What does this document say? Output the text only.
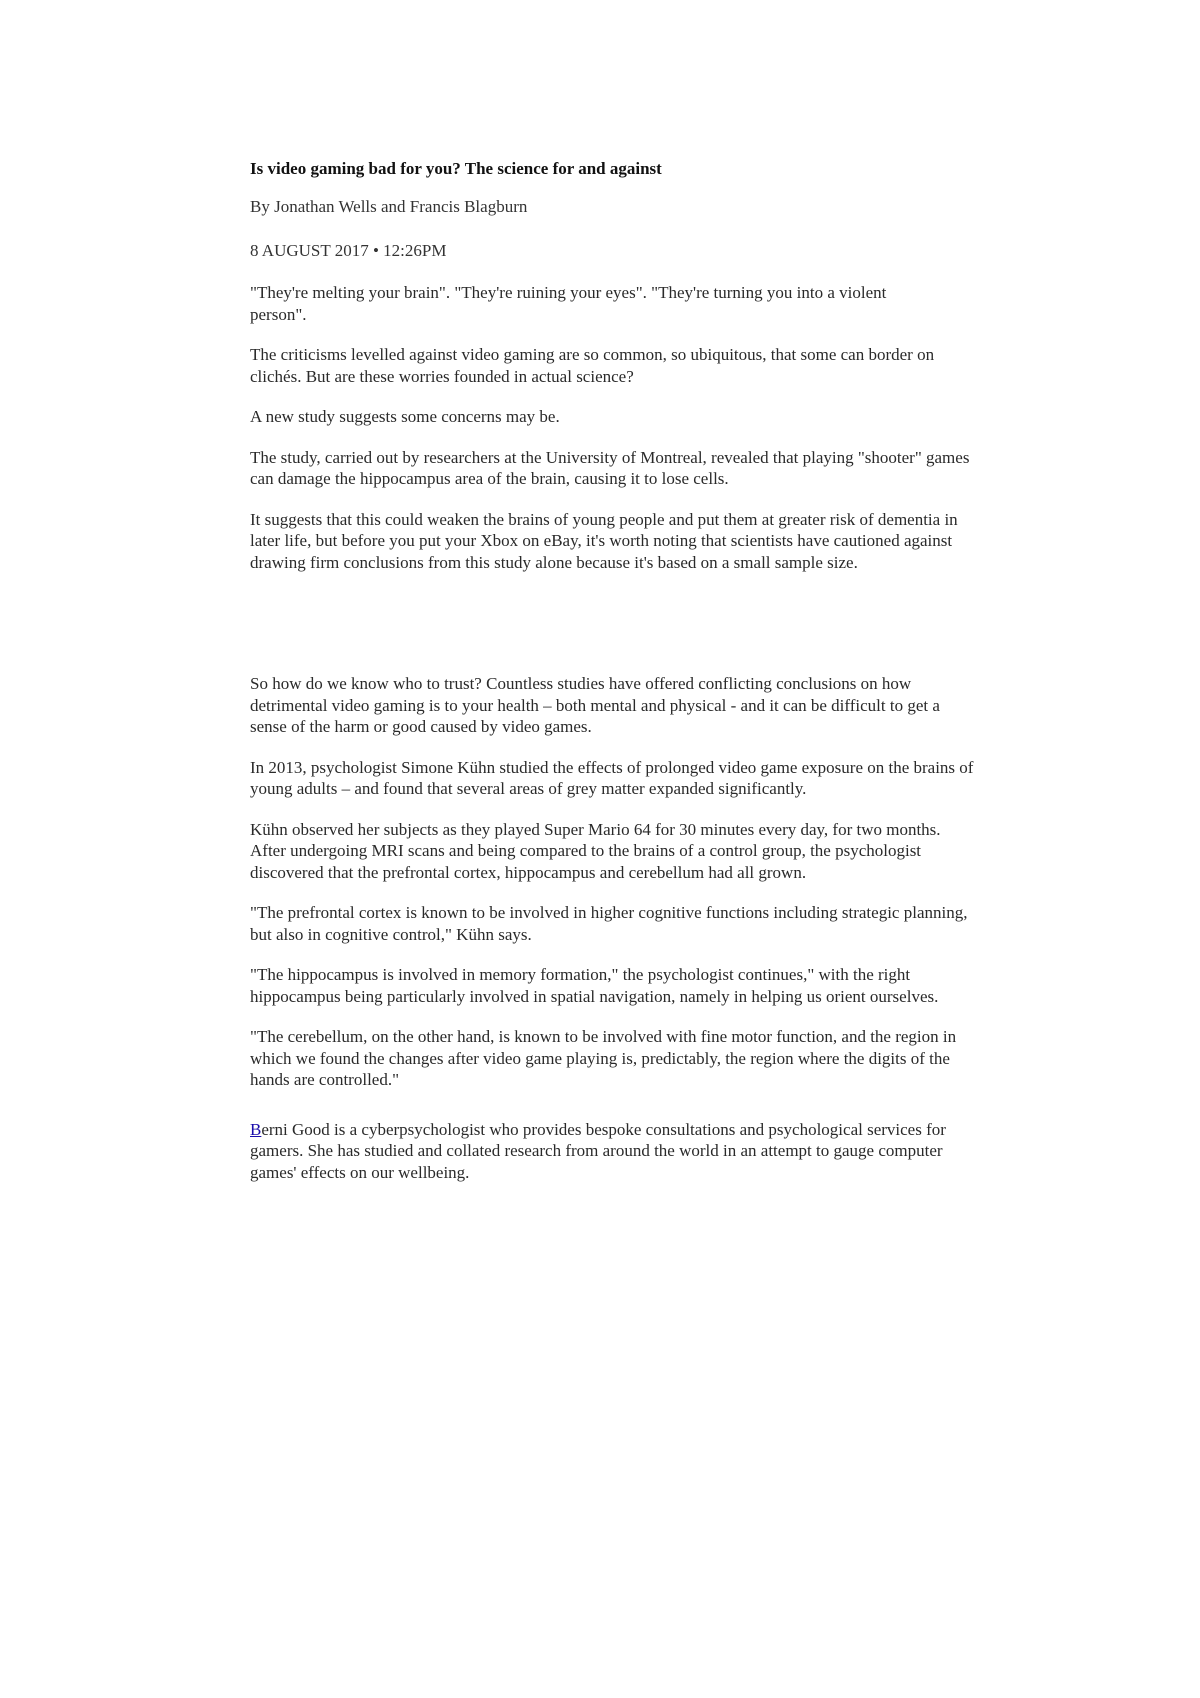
Is video gaming bad for you? The science for and against
By Jonathan Wells and Francis Blagburn
8 AUGUST 2017 • 12:26PM

"They're melting your brain". "They're ruining your eyes". "They're turning you into a violent person".

The criticisms levelled against video gaming are so common, so ubiquitous, that some can border on clichés. But are these worries founded in actual science?

A new study suggests some concerns may be.

The study, carried out by researchers at the University of Montreal, revealed that playing "shooter" games can damage the hippocampus area of the brain, causing it to lose cells.

It suggests that this could weaken the brains of young people and put them at greater risk of dementia in later life, but before you put your Xbox on eBay, it's worth noting that scientists have cautioned against drawing firm conclusions from this study alone because it's based on a small sample size.

So how do we know who to trust? Countless studies have offered conflicting conclusions on how detrimental video gaming is to your health – both mental and physical - and it can be difficult to get a sense of the harm or good caused by video games.

In 2013, psychologist Simone Kühn studied the effects of prolonged video game exposure on the brains of young adults – and found that several areas of grey matter expanded significantly.

Kühn observed her subjects as they played Super Mario 64 for 30 minutes every day, for two months. After undergoing MRI scans and being compared to the brains of a control group, the psychologist discovered that the prefrontal cortex, hippocampus and cerebellum had all grown.

"The prefrontal cortex is known to be involved in higher cognitive functions including strategic planning, but also in cognitive control," Kühn says.

"The hippocampus is involved in memory formation," the psychologist continues," with the right hippocampus being particularly involved in spatial navigation, namely in helping us orient ourselves.

"The cerebellum, on the other hand, is known to be involved with fine motor function, and the region in which we found the changes after video game playing is, predictably, the region where the digits of the hands are controlled."

Berni Good is a cyberpsychologist who provides bespoke consultations and psychological services for gamers. She has studied and collated research from around the world in an attempt to gauge computer games' effects on our wellbeing.
